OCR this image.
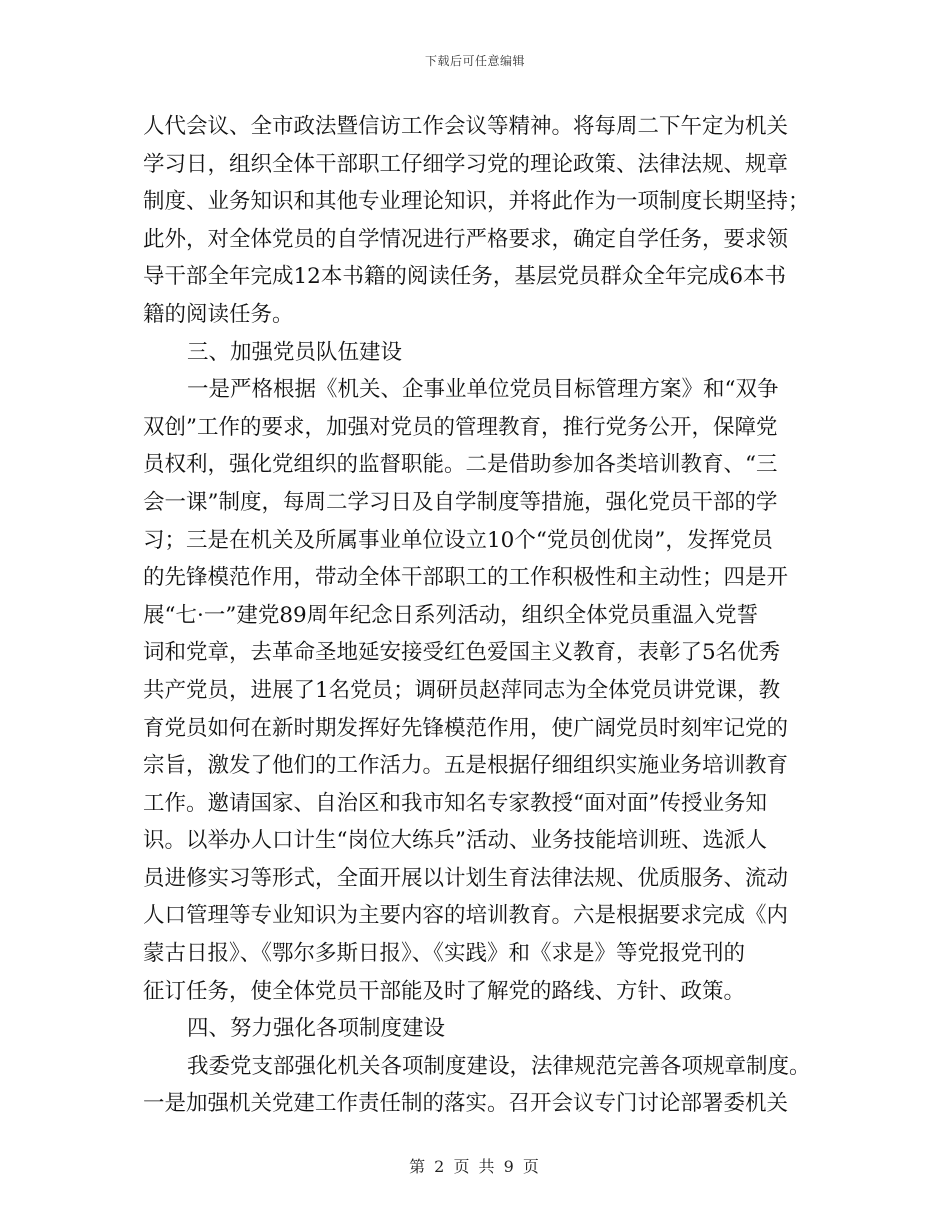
下载后可任意编辑
人代会议、全市政法暨信访工作会议等精神。将每周二下午定为机关
学习日，组织全体干部职工仔细学习党的理论政策、法律法规、规章
制度、业务知识和其他专业理论知识，并将此作为一项制度长期坚持；
此外，对全体党员的自学情况进行严格要求，确定自学任务，要求领
导干部全年完成12本书籍的阅读任务，基层党员群众全年完成6本书
籍的阅读任务。
三、加强党员队伍建设
一是严格根据《机关、企事业单位党员目标管理方案》和“双争
双创”工作的要求，加强对党员的管理教育，推行党务公开，保障党
员权利，强化党组织的监督职能。二是借助参加各类培训教育、“三
会一课”制度，每周二学习日及自学制度等措施，强化党员干部的学
习；三是在机关及所属事业单位设立10个“党员创优岗”，发挥党员
的先锋模范作用，带动全体干部职工的工作积极性和主动性；四是开
展“七·一”建党89周年纪念日系列活动，组织全体党员重温入党誓
词和党章，去革命圣地延安接受红色爱国主义教育，表彰了5名优秀
共产党员，进展了1名党员；调研员赵萍同志为全体党员讲党课，教
育党员如何在新时期发挥好先锋模范作用，使广阔党员时刻牢记党的
宗旨，激发了他们的工作活力。五是根据仔细组织实施业务培训教育
工作。邀请国家、自治区和我市知名专家教授“面对面”传授业务知
识。以举办人口计生“岗位大练兵”活动、业务技能培训班、选派人
员进修实习等形式，全面开展以计划生育法律法规、优质服务、流动
人口管理等专业知识为主要内容的培训教育。六是根据要求完成《内
蒙古日报》、《鄂尔多斯日报》、《实践》和《求是》等党报党刊的
征订任务，使全体党员干部能及时了解党的路线、方针、政策。
四、努力强化各项制度建设
我委党支部强化机关各项制度建设，法律规范完善各项规章制度。
一是加强机关党建工作责任制的落实。召开会议专门讨论部署委机关
第 2 页 共 9 页
